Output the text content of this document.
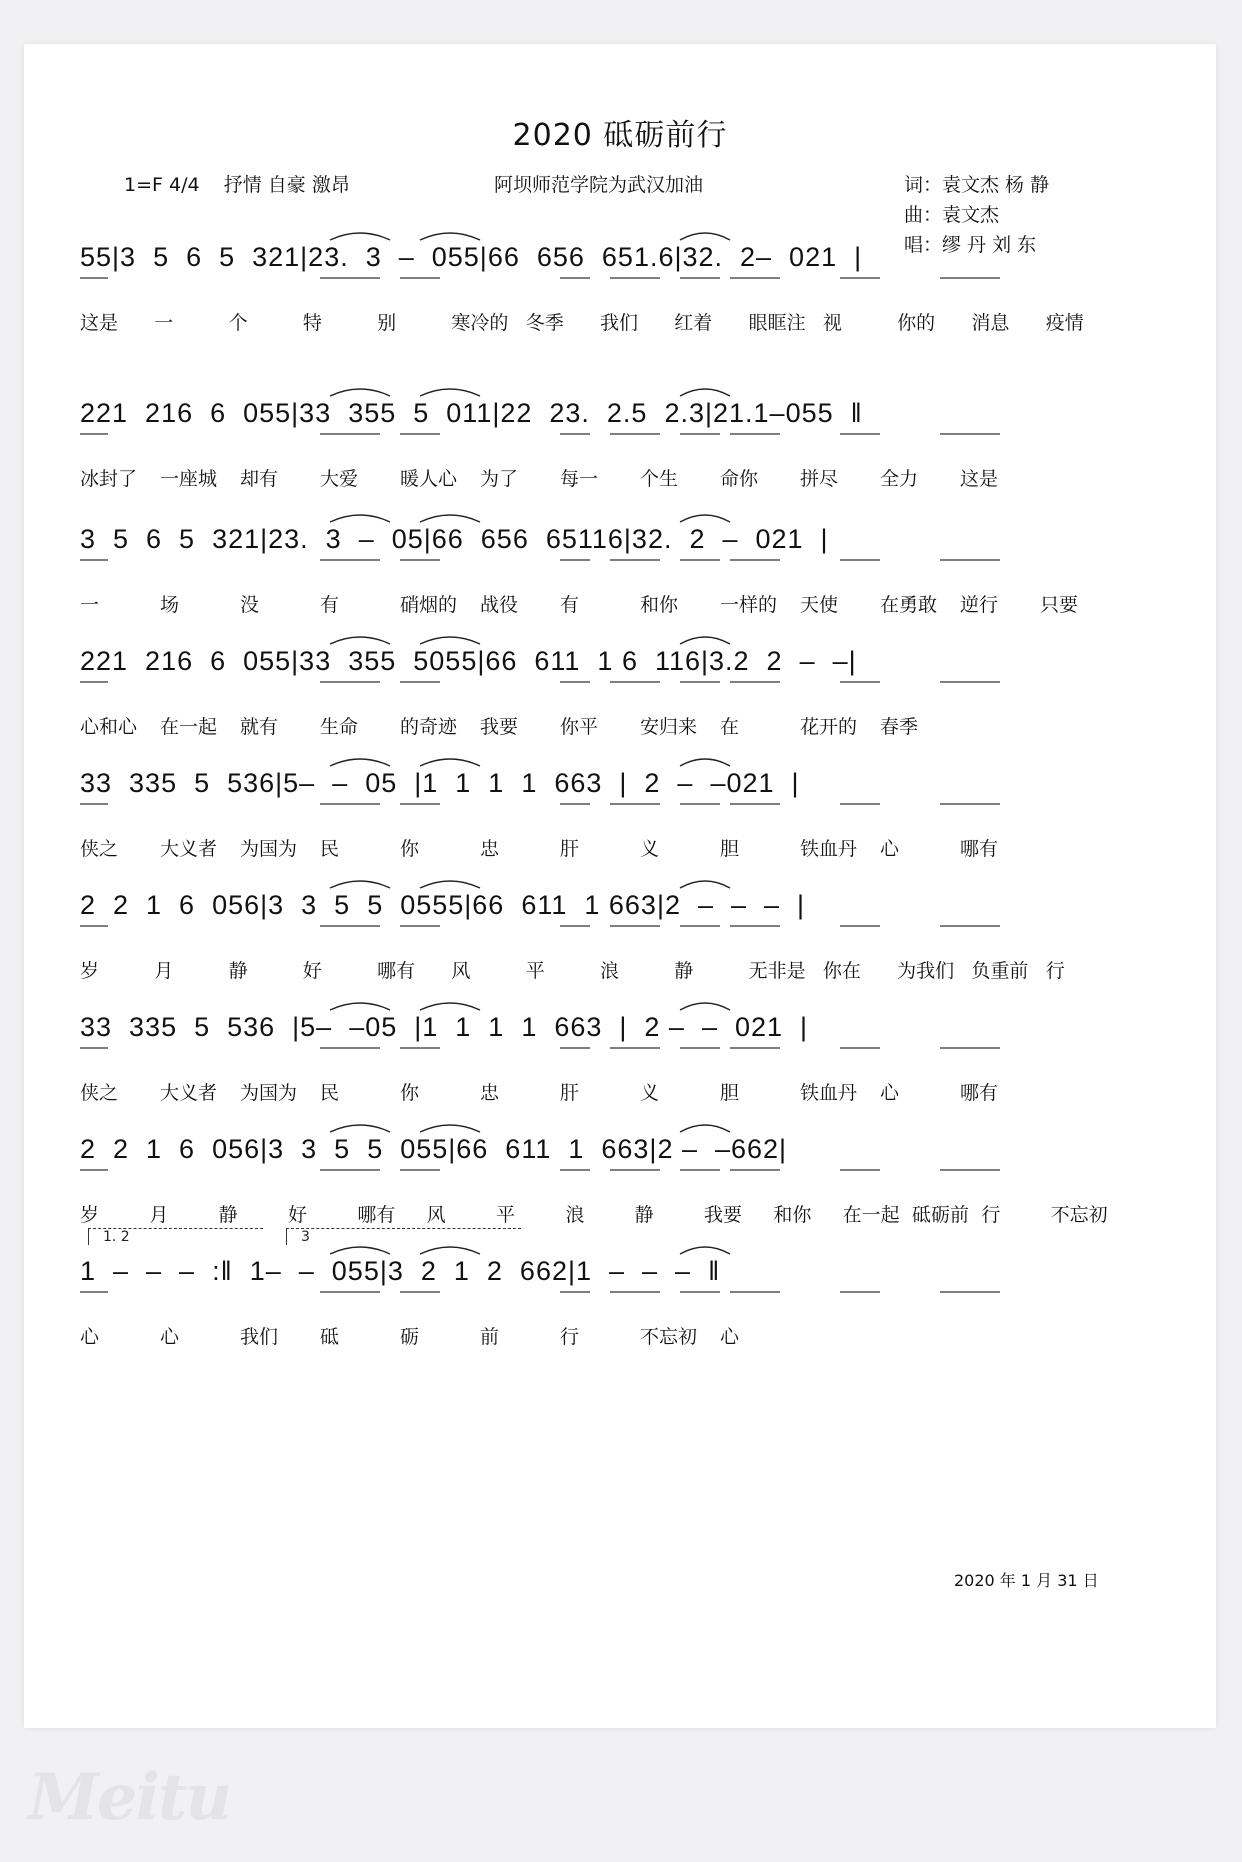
2020 砥砺前行
1=F 4/4 抒情 自豪 激昂	阿坝师范学院为武汉加油	词：袁文杰 杨 静
曲：袁文杰
唱：缪 丹 刘 东
55|3  5  6  5  321|23.  3  –  055|66  656  651.6|32.  2–  021  |
这是 一	个	特	别	寒冷的 冬季 我们 红着 眼眶注 视	你的 消息 疫情
221  216  6  055|33  355  5  011|22  23.  2.5  2.3|21.1–055  ‖
冰封了 一座城 却有 大爱 暖人心 为了 每一 个生 命你 拼尽 全力 这是
3  5  6  5  321|23.  3  –  05|66  656  65116|32.  2  –  021  |
一	场	没	有	硝烟的 战役 有	和你 一样的 天使 在勇敢 逆行 只要
221  216  6  055|33  355  5055|66  611  1 6  116|3.2  2  –  –|
心和心 在一起 就有 生命 的奇迹 我要 你平 安归来 在	花开的 春季
33  335  5  536|5–  –  05  |1  1  1  1  663  |  2  –  –021  |
侠之 大义者 为国为 民	你	忠	肝	义	胆	铁血丹 心	哪有
2  2  1  6  056|3  3  5  5  0555|66  611  1 663|2  –  –  –  |
岁	月	静	好	哪有 风	平	浪	静	无非是 你在 为我们 负重前 行
33  335  5  536  |5–  –05  |1  1  1  1  663  |  2 –  –  021  |
侠之 大义者 为国为 民	你	忠	肝	义	胆	铁血丹 心	哪有
2  2  1  6  056|3  3  5  5  055|66  611  1  663|2 –  –662|
岁	月	静	好	哪有 风	平	浪	静	我要 和你 在一起 砥砺前 行	不忘初
1. 2	3
1  –  –  –  :‖  1–  –  055|3  2  1  2  662|1  –  –  –  ‖
心	心	我们 砥	砺	前	行	不忘初 心
2020 年 1 月 31 日
Meitu
